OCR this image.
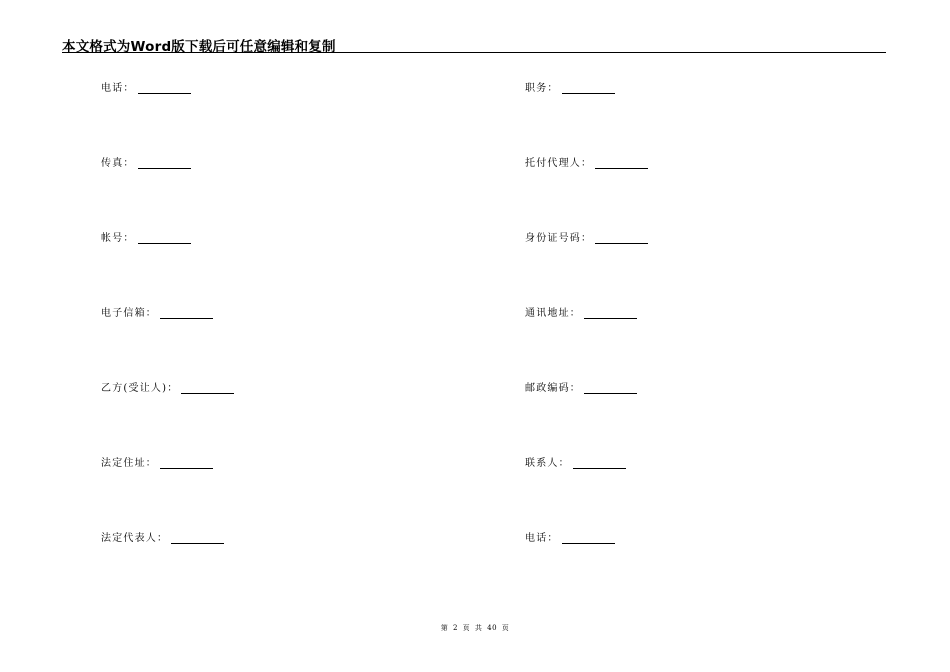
本文格式为Word版下载后可任意编辑和复制
电话：
传真：
帐号：
电子信箱：
乙方(受让人)：
法定住址：
法定代表人：
职务：
托付代理人：
身份证号码：
通讯地址：
邮政编码：
联系人：
电话：
第 2 页 共 40 页
